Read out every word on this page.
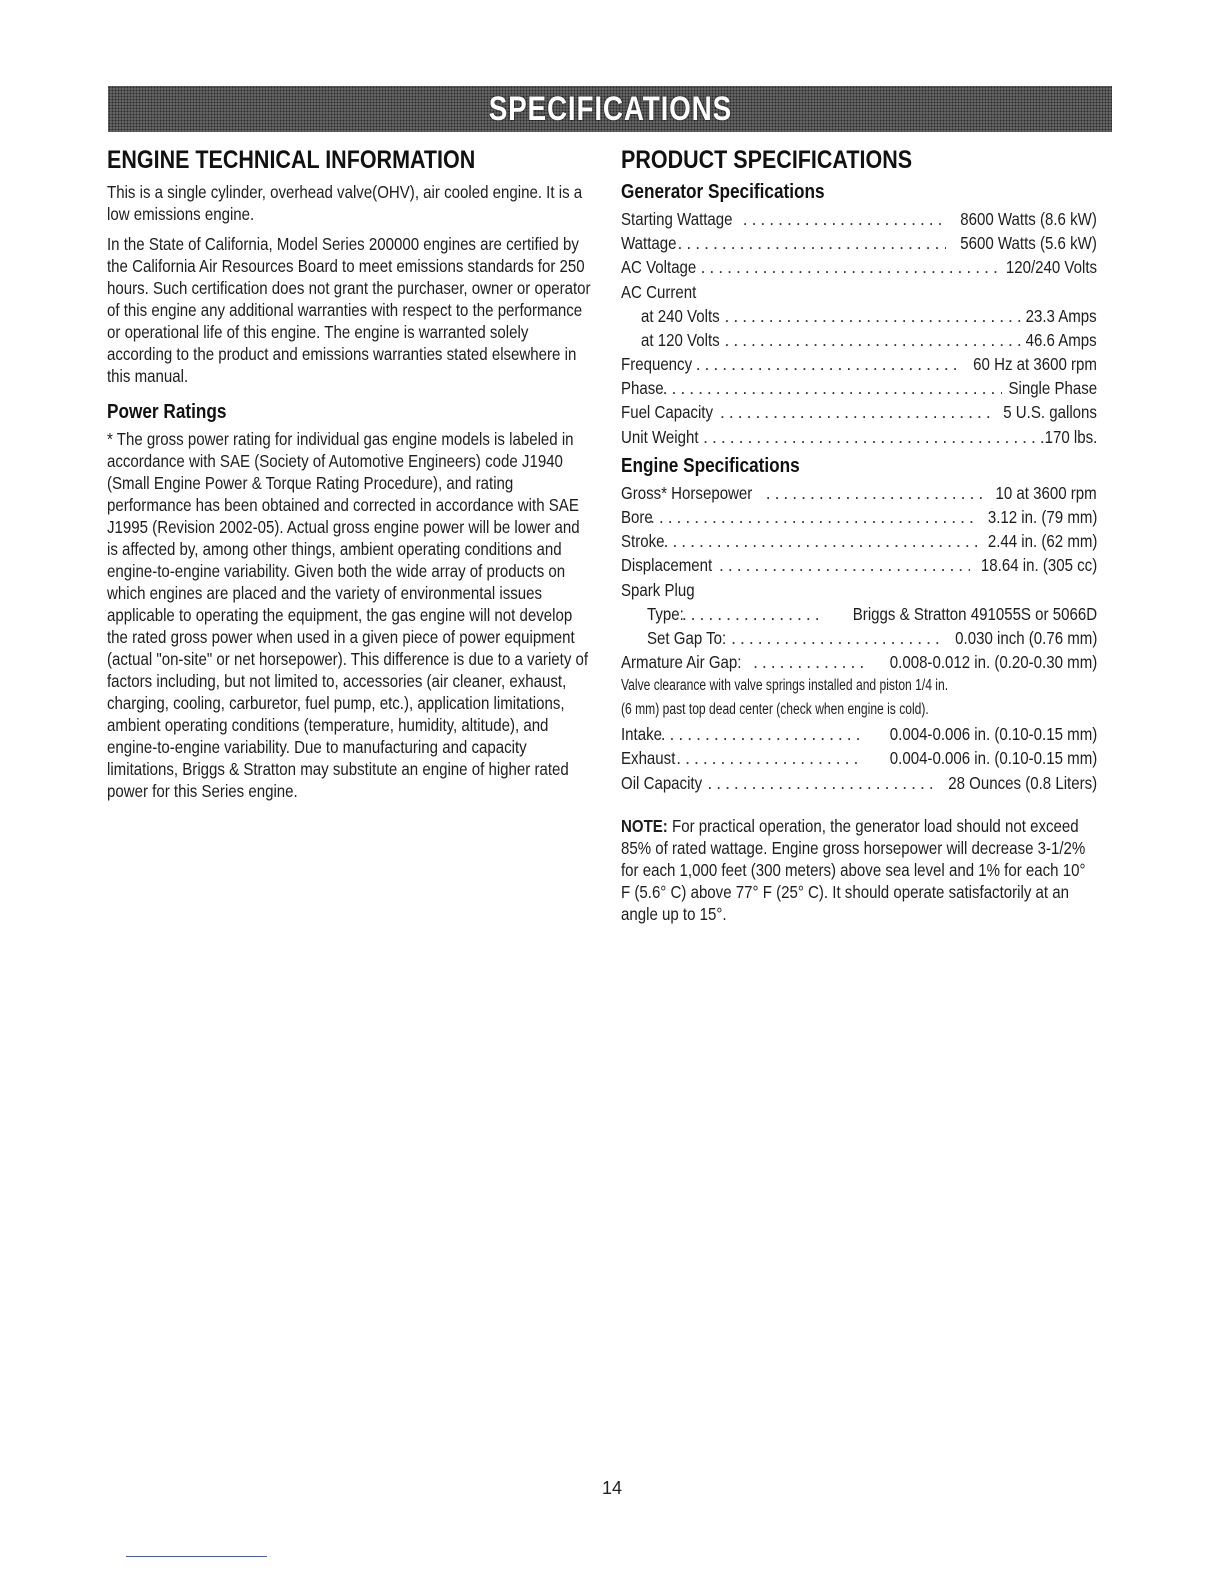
SPECIFICATIONS
ENGINE TECHNICAL INFORMATION

This is a single cylinder, overhead valve(OHV), air cooled engine. It is a low emissions engine.

In the State of California, Model Series 200000 engines are certified by the California Air Resources Board to meet emissions standards for 250 hours. Such certification does not grant the purchaser, owner or operator of this engine any additional warranties with respect to the performance or operational life of this engine. The engine is warranted solely according to the product and emissions warranties stated elsewhere in this manual.

Power Ratings

* The gross power rating for individual gas engine models is labeled in accordance with SAE (Society of Automotive Engineers) code J1940 (Small Engine Power & Torque Rating Procedure), and rating performance has been obtained and corrected in accordance with SAE J1995 (Revision 2002-05). Actual gross engine power will be lower and is affected by, among other things, ambient operating conditions and engine-to-engine variability. Given both the wide array of products on which engines are placed and the variety of environmental issues applicable to operating the equipment, the gas engine will not develop the rated gross power when used in a given piece of power equipment (actual "on-site" or net horsepower). This difference is due to a variety of factors including, but not limited to, accessories (air cleaner, exhaust, charging, cooling, carburetor, fuel pump, etc.), application limitations, ambient operating conditions (temperature, humidity, altitude), and engine-to-engine variability. Due to manufacturing and capacity limitations, Briggs & Stratton may substitute an engine of higher rated power for this Series engine.

PRODUCT SPECIFICATIONS
Generator Specifications
Starting Wattage .....	8600 Watts (8.6 kW)
Wattage .....	5600 Watts (5.6 kW)
AC Voltage .....	120/240 Volts
AC Current
at 240 Volts .....	23.3 Amps
at 120 Volts .....	46.6 Amps
Frequency .....	60 Hz at 3600 rpm
Phase .....	Single Phase
Fuel Capacity .....	5 U.S. gallons
Unit Weight .....	170 lbs.
Engine Specifications
Gross* Horsepower .....	10 at 3600 rpm
Bore .....	3.12 in. (79 mm)
Stroke .....	2.44 in. (62 mm)
Displacement .....	18.64 in. (305 cc)
Spark Plug
Type: .....	Briggs & Stratton 491055S or 5066D
Set Gap To: .....	0.030 inch (0.76 mm)
Armature Air Gap: .....	0.008-0.012 in. (0.20-0.30 mm)
Valve clearance with valve springs installed and piston 1/4 in.
(6 mm) past top dead center (check when engine is cold).
Intake .....	0.004-0.006 in. (0.10-0.15 mm)
Exhaust .....	0.004-0.006 in. (0.10-0.15 mm)
Oil Capacity .....	28 Ounces (0.8 Liters)

NOTE: For practical operation, the generator load should not exceed 85% of rated wattage. Engine gross horsepower will decrease 3-1/2% for each 1,000 feet (300 meters) above sea level and 1% for each 10° F (5.6° C) above 77° F (25° C). It should operate satisfactorily at an angle up to 15°.

14
